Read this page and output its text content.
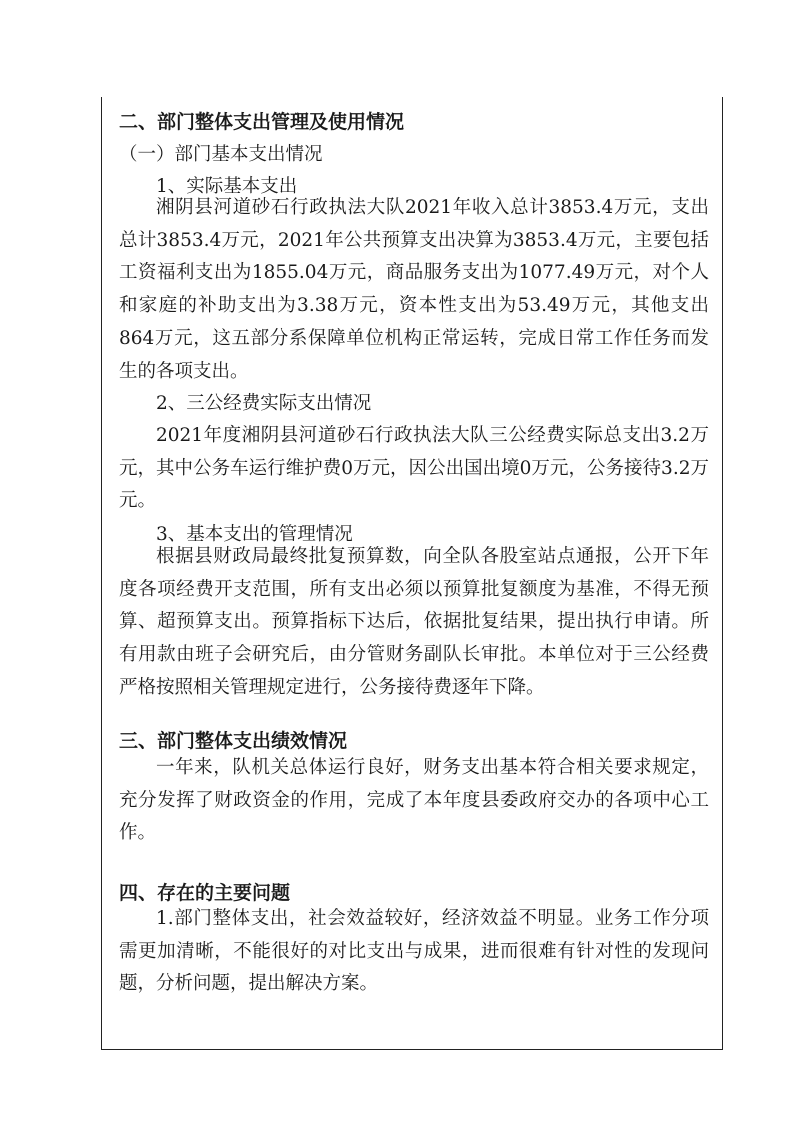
二、部门整体支出管理及使用情况
（一）部门基本支出情况
1、实际基本支出

湘阴县河道砂石行政执法大队2021年收入总计3853.4万元，支出总计3853.4万元，2021年公共预算支出决算为3853.4万元，主要包括工资福利支出为1855.04万元，商品服务支出为1077.49万元，对个人和家庭的补助支出为3.38万元，资本性支出为53.49万元，其他支出864万元，这五部分系保障单位机构正常运转，完成日常工作任务而发生的各项支出。

2、三公经费实际支出情况

2021年度湘阴县河道砂石行政执法大队三公经费实际总支出3.2万元，其中公务车运行维护费0万元，因公出国出境0万元，公务接待3.2万元。

3、基本支出的管理情况

根据县财政局最终批复预算数，向全队各股室站点通报，公开下年度各项经费开支范围，所有支出必须以预算批复额度为基准，不得无预算、超预算支出。预算指标下达后，依据批复结果，提出执行申请。所有用款由班子会研究后，由分管财务副队长审批。本单位对于三公经费严格按照相关管理规定进行，公务接待费逐年下降。

三、部门整体支出绩效情况

一年来，队机关总体运行良好，财务支出基本符合相关要求规定，充分发挥了财政资金的作用，完成了本年度县委政府交办的各项中心工作。

四、存在的主要问题

1.部门整体支出，社会效益较好，经济效益不明显。业务工作分项需更加清晰，不能很好的对比支出与成果，进而很难有针对性的发现问题，分析问题，提出解决方案。
